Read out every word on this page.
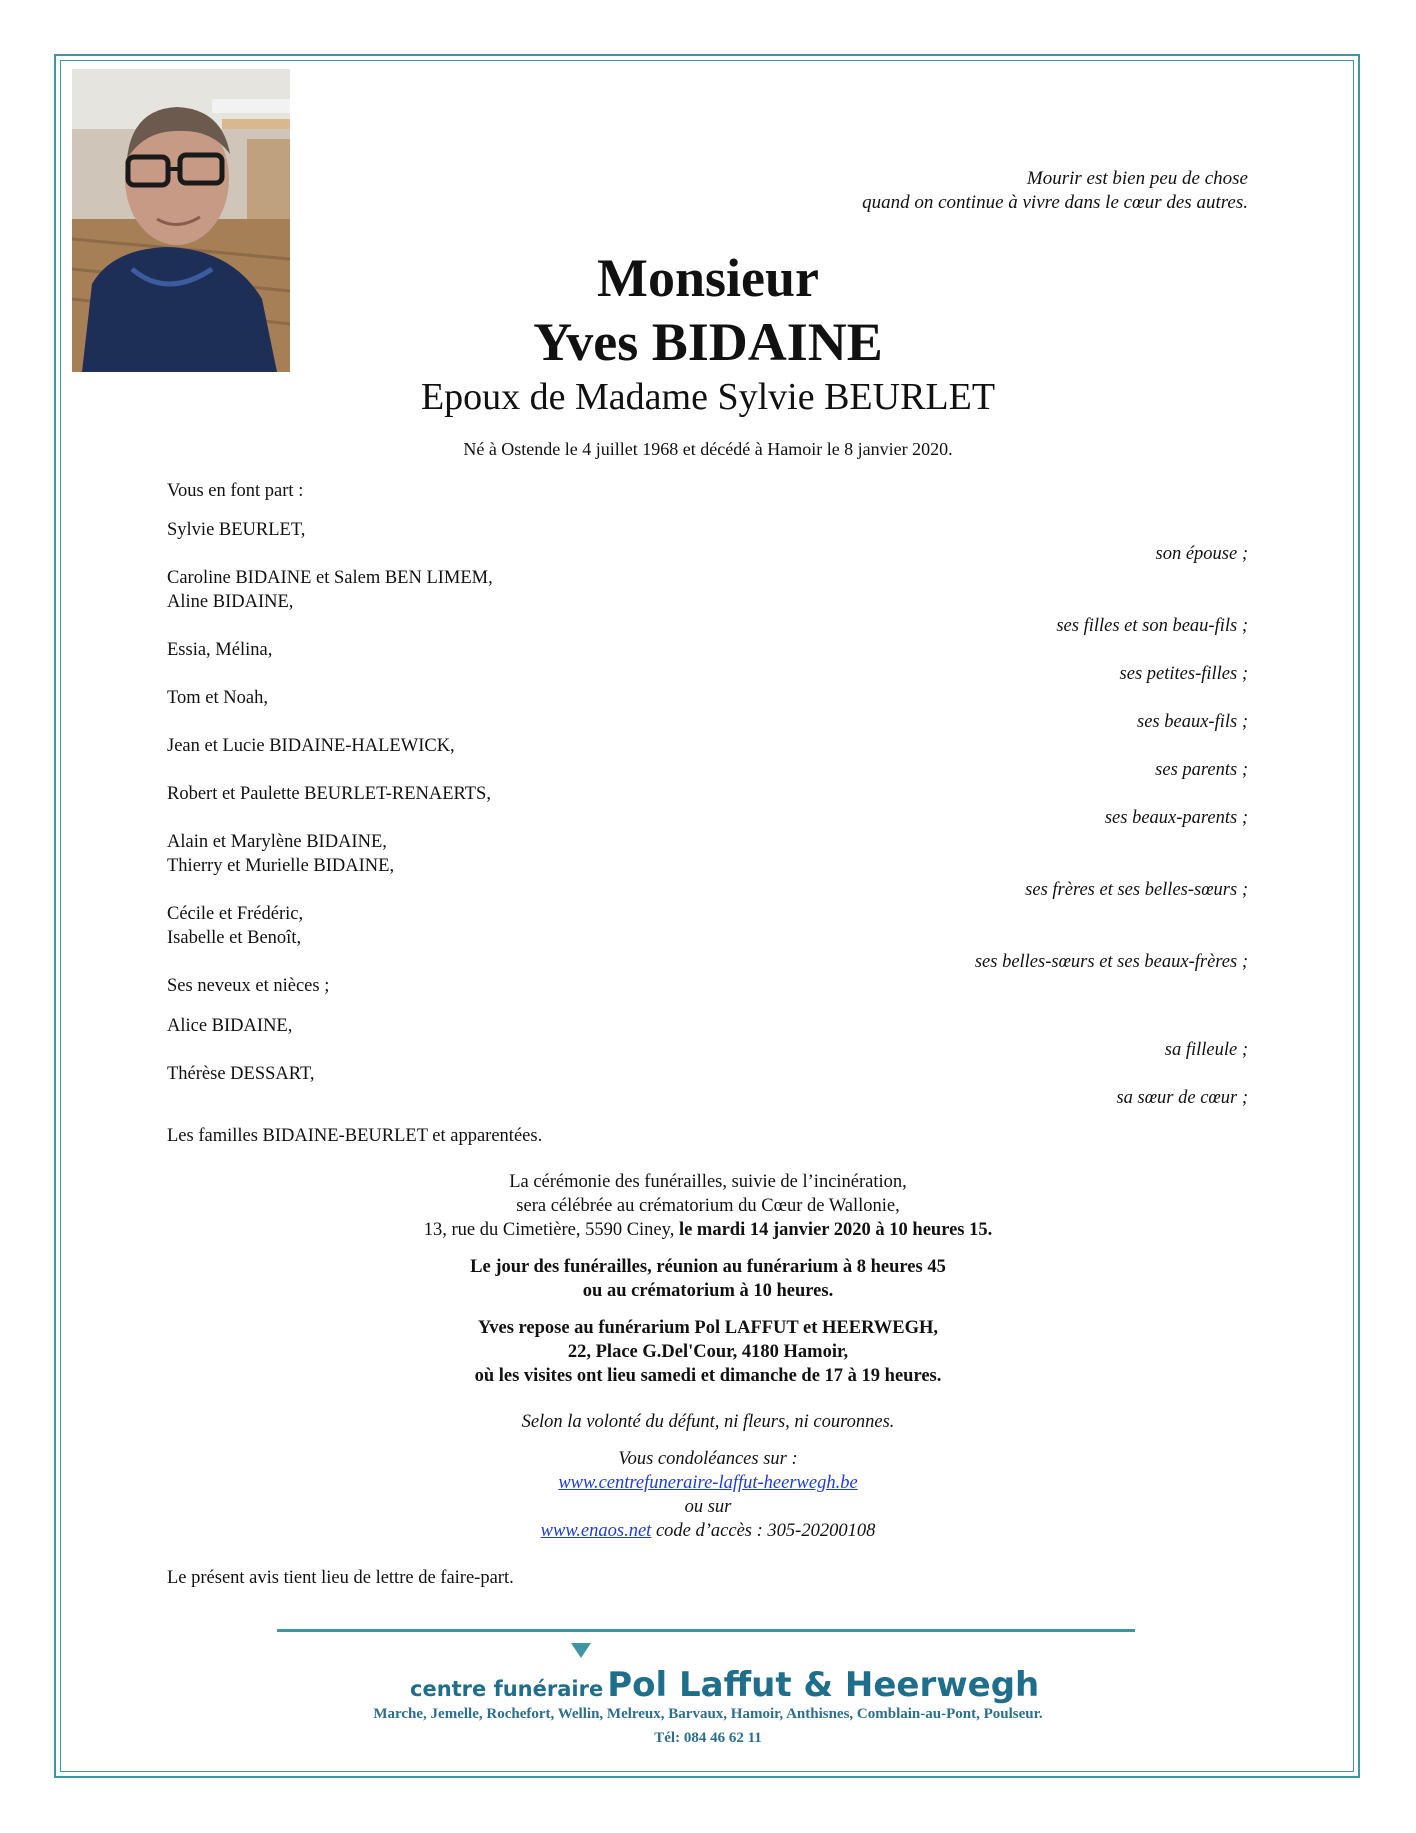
Mourir est bien peu de chose
quand on continue à vivre dans le cœur des autres.
Monsieur
Yves BIDAINE
Epoux de Madame Sylvie BEURLET
Né à Ostende le 4 juillet 1968 et décédé à Hamoir le 8 janvier 2020.
Vous en font part :
Sylvie BEURLET,
son épouse ;
Caroline BIDAINE et Salem BEN LIMEM,
Aline BIDAINE,
ses filles et son beau-fils ;
Essia, Mélina,
ses petites-filles ;
Tom et Noah,
ses beaux-fils ;
Jean et Lucie BIDAINE-HALEWICK,
ses parents ;
Robert et Paulette BEURLET-RENAERTS,
ses beaux-parents ;
Alain et Marylène BIDAINE,
Thierry et Murielle BIDAINE,
ses frères et ses belles-sœurs ;
Cécile et Frédéric,
Isabelle et Benoît,
ses belles-sœurs et ses beaux-frères ;
Ses neveux et nièces ;
Alice BIDAINE,
sa filleule ;
Thérèse DESSART,
sa sœur de cœur ;
Les familles BIDAINE-BEURLET et apparentées.
La cérémonie des funérailles, suivie de l’incinération,
sera célébrée au crématorium du Cœur de Wallonie,
13, rue du Cimetière, 5590 Ciney, le mardi 14 janvier 2020 à 10 heures 15.
Le jour des funérailles, réunion au funérarium à 8 heures 45
ou au crématorium à 10 heures.
Yves repose au funérarium Pol LAFFUT et HEERWEGH,
22, Place G.Del'Cour, 4180 Hamoir,
où les visites ont lieu samedi et dimanche de 17 à 19 heures.
Selon la volonté du défunt, ni fleurs, ni couronnes.
Vous condoléances sur :
www.centrefuneraire-laffut-heerwegh.be
ou sur
www.enaos.net code d’accès : 305-20200108
Le présent avis tient lieu de lettre de faire-part.
centre funéraire Pol Laffut & Heerwegh
Marche, Jemelle, Rochefort, Wellin, Melreux, Barvaux, Hamoir, Anthisnes, Comblain-au-Pont, Poulseur.
Tél: 084 46 62 11
